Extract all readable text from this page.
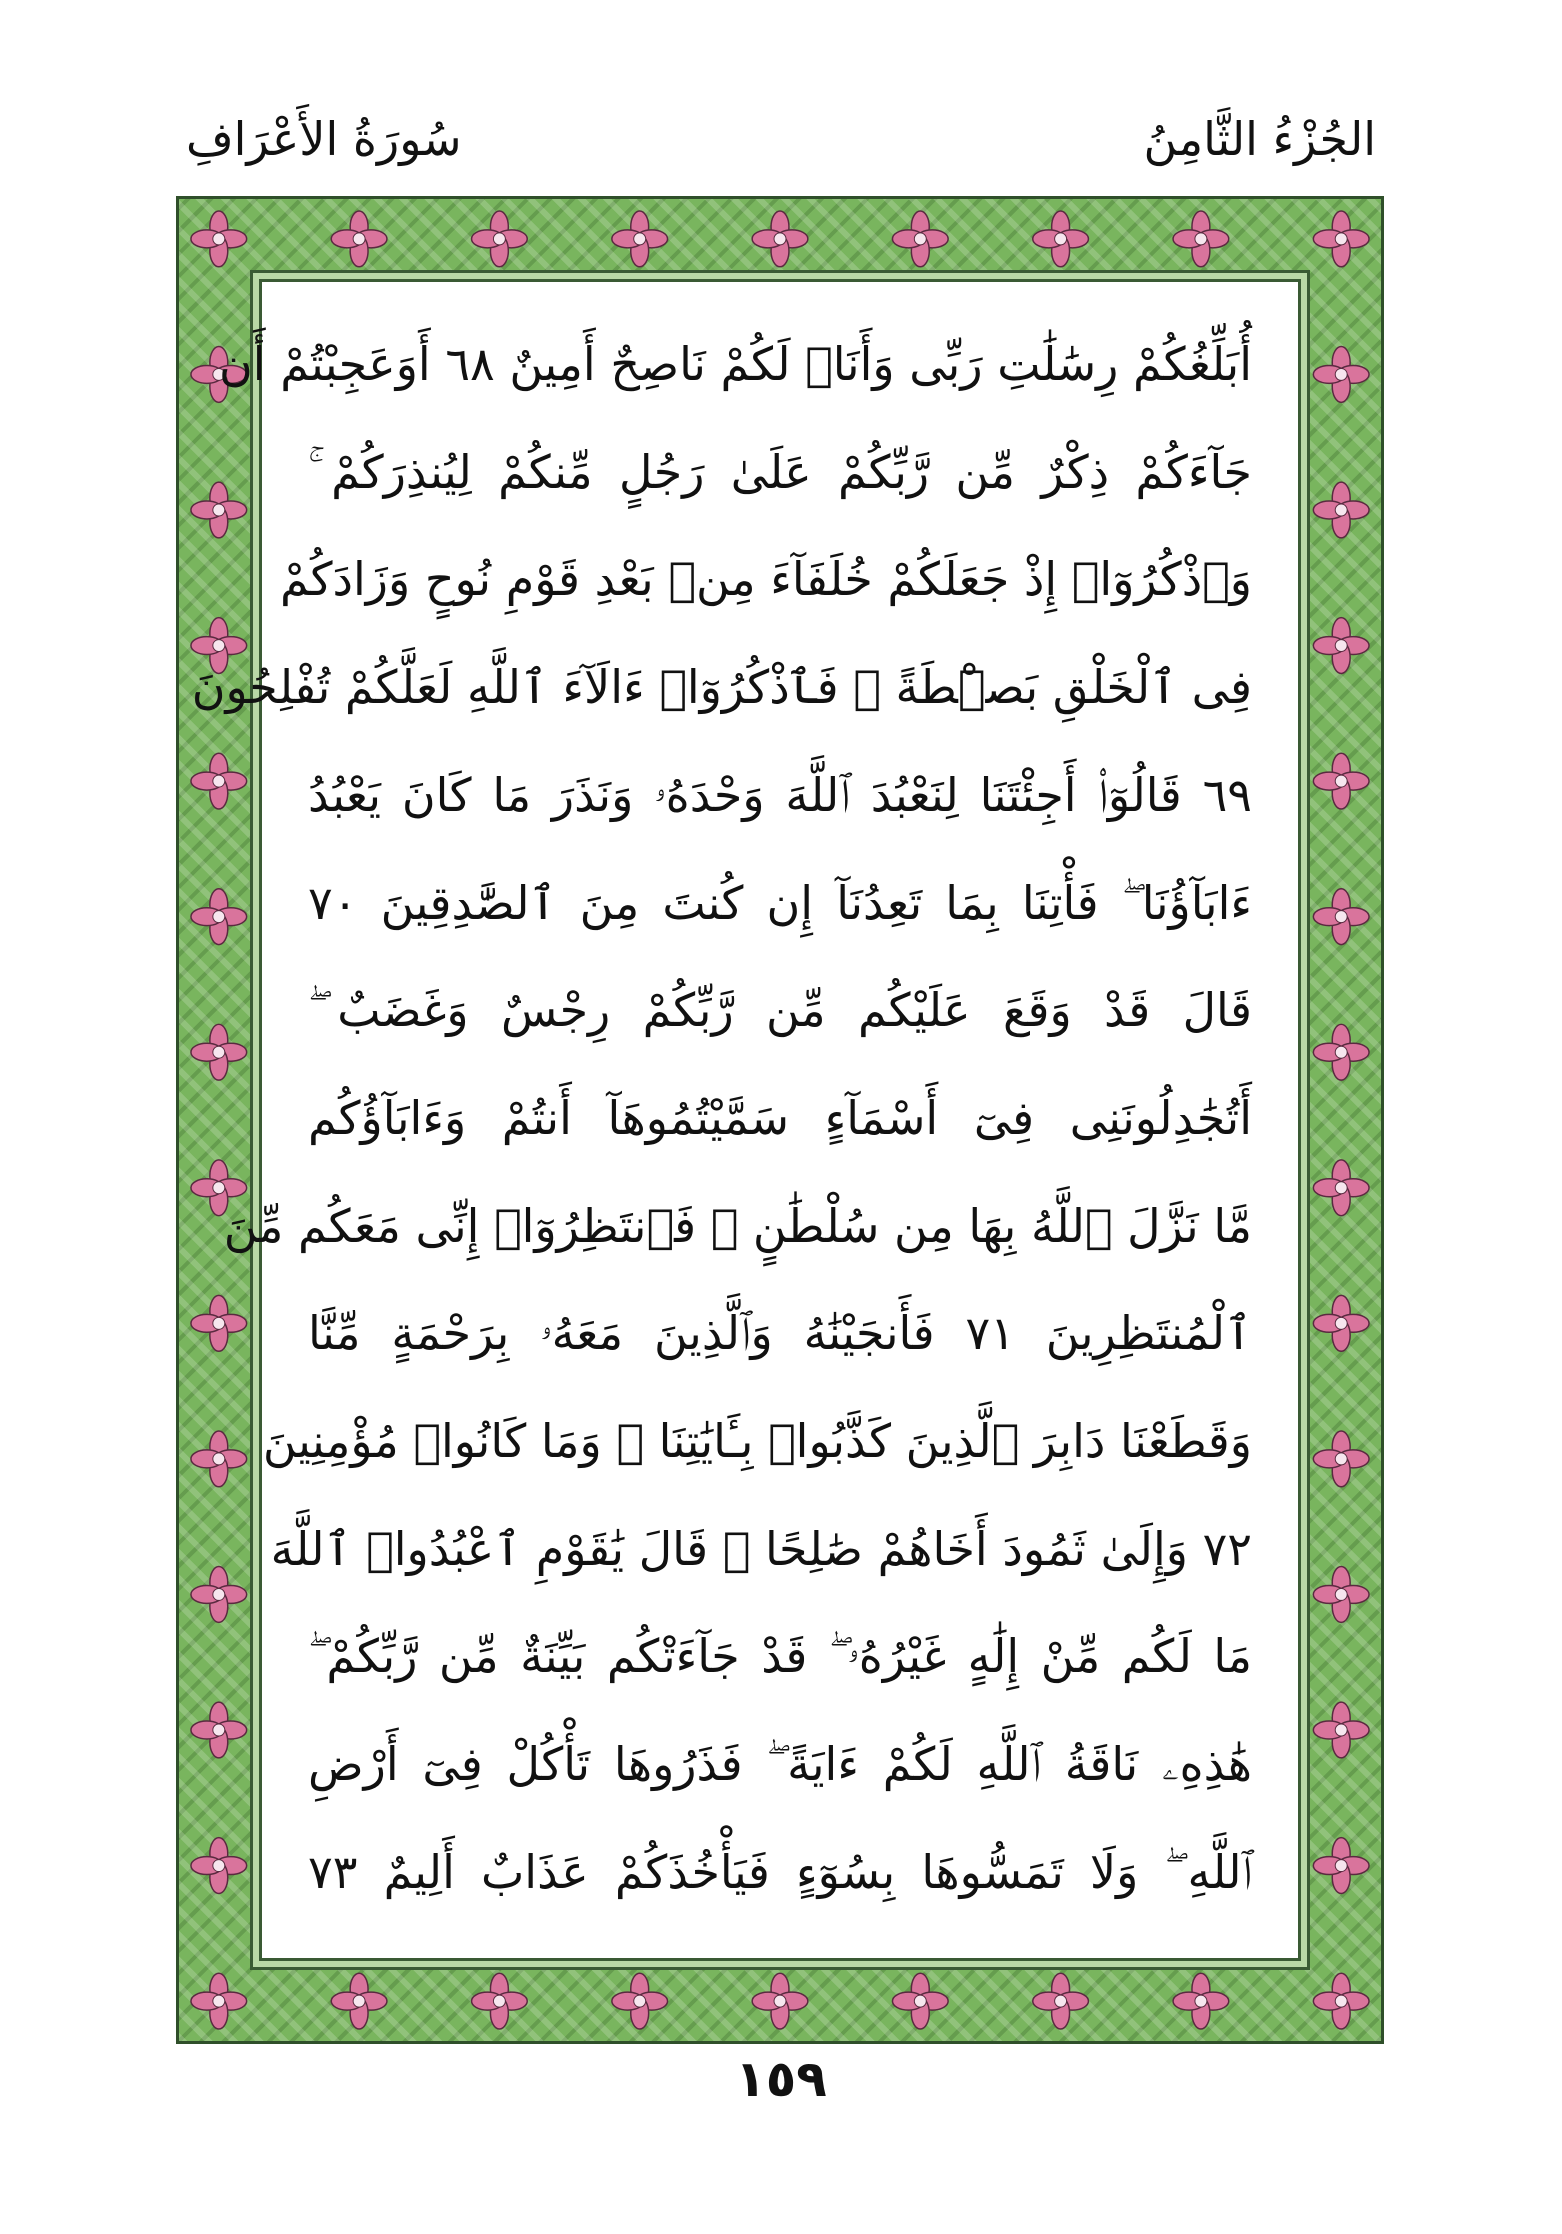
الجُزْءُ الثَّامِنُ
سُورَةُ الأَعْرَافِ
أُبَلِّغُكُمْ رِسَٰلَٰتِ رَبِّى وَأَنَا۠ لَكُمْ نَاصِحٌ أَمِينٌ ٦٨ أَوَعَجِبْتُمْ أَن
جَآءَكُمْ ذِكْرٌ مِّن رَّبِّكُمْ عَلَىٰ رَجُلٍ مِّنكُمْ لِيُنذِرَكُمْ ۚ
وَٱذْكُرُوٓا۟ إِذْ جَعَلَكُمْ خُلَفَآءَ مِنۢ بَعْدِ قَوْمِ نُوحٍ وَزَادَكُمْ
فِى ٱلْخَلْقِ بَصْۜطَةً ۖ فَٱذْكُرُوٓا۟ ءَالَآءَ ٱللَّهِ لَعَلَّكُمْ تُفْلِحُونَ
٦٩ قَالُوٓا۟ أَجِئْتَنَا لِنَعْبُدَ ٱللَّهَ وَحْدَهُۥ وَنَذَرَ مَا كَانَ يَعْبُدُ
ءَابَآؤُنَا ۖ فَأْتِنَا بِمَا تَعِدُنَآ إِن كُنتَ مِنَ ٱلصَّٰدِقِينَ ٧٠
قَالَ قَدْ وَقَعَ عَلَيْكُم مِّن رَّبِّكُمْ رِجْسٌ وَغَضَبٌ ۖ
أَتُجَٰدِلُونَنِى فِىٓ أَسْمَآءٍ سَمَّيْتُمُوهَآ أَنتُمْ وَءَابَآؤُكُم
مَّا نَزَّلَ ٱللَّهُ بِهَا مِن سُلْطَٰنٍ ۚ فَٱنتَظِرُوٓا۟ إِنِّى مَعَكُم مِّنَ
ٱلْمُنتَظِرِينَ ٧١ فَأَنجَيْنَٰهُ وَٱلَّذِينَ مَعَهُۥ بِرَحْمَةٍ مِّنَّا
وَقَطَعْنَا دَابِرَ ٱلَّذِينَ كَذَّبُوا۟ بِـَٔايَٰتِنَا ۖ وَمَا كَانُوا۟ مُؤْمِنِينَ
٧٢ وَإِلَىٰ ثَمُودَ أَخَاهُمْ صَٰلِحًا ۗ قَالَ يَٰقَوْمِ ٱعْبُدُوا۟ ٱللَّهَ
مَا لَكُم مِّنْ إِلَٰهٍ غَيْرُهُۥ ۖ قَدْ جَآءَتْكُم بَيِّنَةٌ مِّن رَّبِّكُمْ ۖ
هَٰذِهِۦ نَاقَةُ ٱللَّهِ لَكُمْ ءَايَةً ۖ فَذَرُوهَا تَأْكُلْ فِىٓ أَرْضِ
ٱللَّهِ ۖ وَلَا تَمَسُّوهَا بِسُوٓءٍ فَيَأْخُذَكُمْ عَذَابٌ أَلِيمٌ ٧٣
١٥٩
